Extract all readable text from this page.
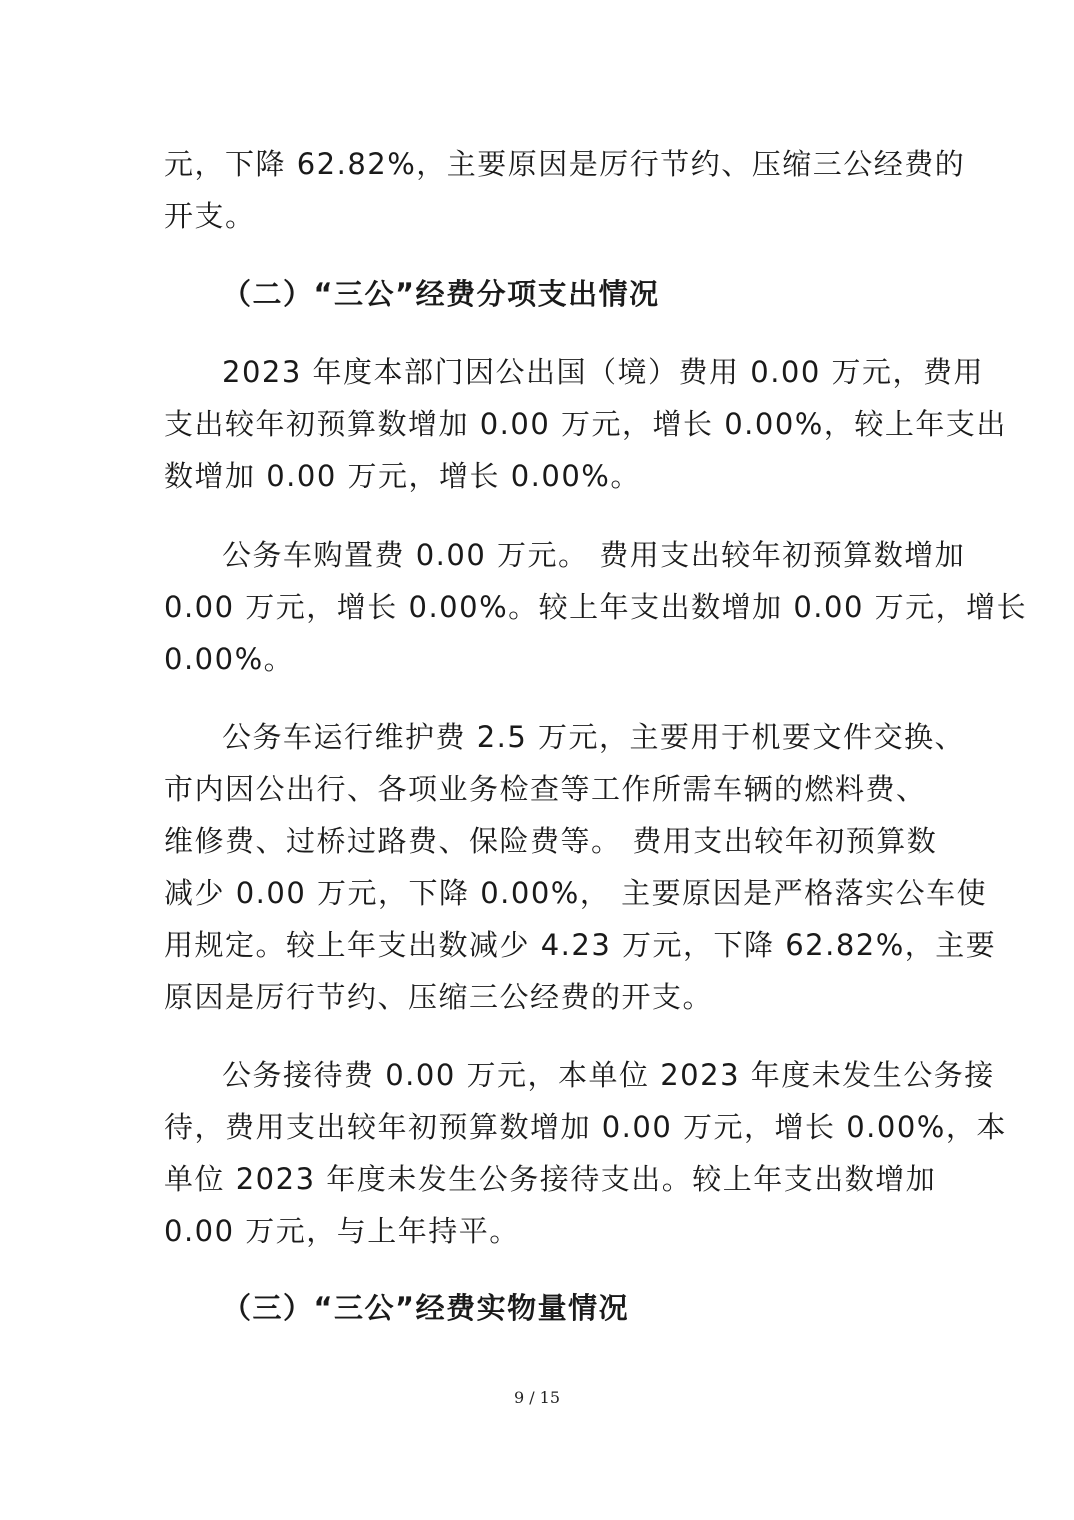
元，下降 62.82%，主要原因是厉行节约、压缩三公经费的
开支。
（二）“三公”经费分项支出情况
2023 年度本部门因公出国（境）费用 0.00 万元，费用
支出较年初预算数增加 0.00 万元，增长 0.00%，较上年支出
数增加 0.00 万元，增长 0.00%。
公务车购置费 0.00 万元。 费用支出较年初预算数增加
0.00 万元，增长 0.00%。较上年支出数增加 0.00 万元，增长
0.00%。
公务车运行维护费 2.5 万元，主要用于机要文件交换、
市内因公出行、各项业务检查等工作所需车辆的燃料费、
维修费、过桥过路费、保险费等。 费用支出较年初预算数
减少 0.00 万元，下降 0.00%， 主要原因是严格落实公车使
用规定。较上年支出数减少 4.23 万元，下降 62.82%，主要
原因是厉行节约、压缩三公经费的开支。
公务接待费 0.00 万元，本单位 2023 年度未发生公务接
待，费用支出较年初预算数增加 0.00 万元，增长 0.00%，本
单位 2023 年度未发生公务接待支出。较上年支出数增加
0.00 万元，与上年持平。
（三）“三公”经费实物量情况
9 / 15
